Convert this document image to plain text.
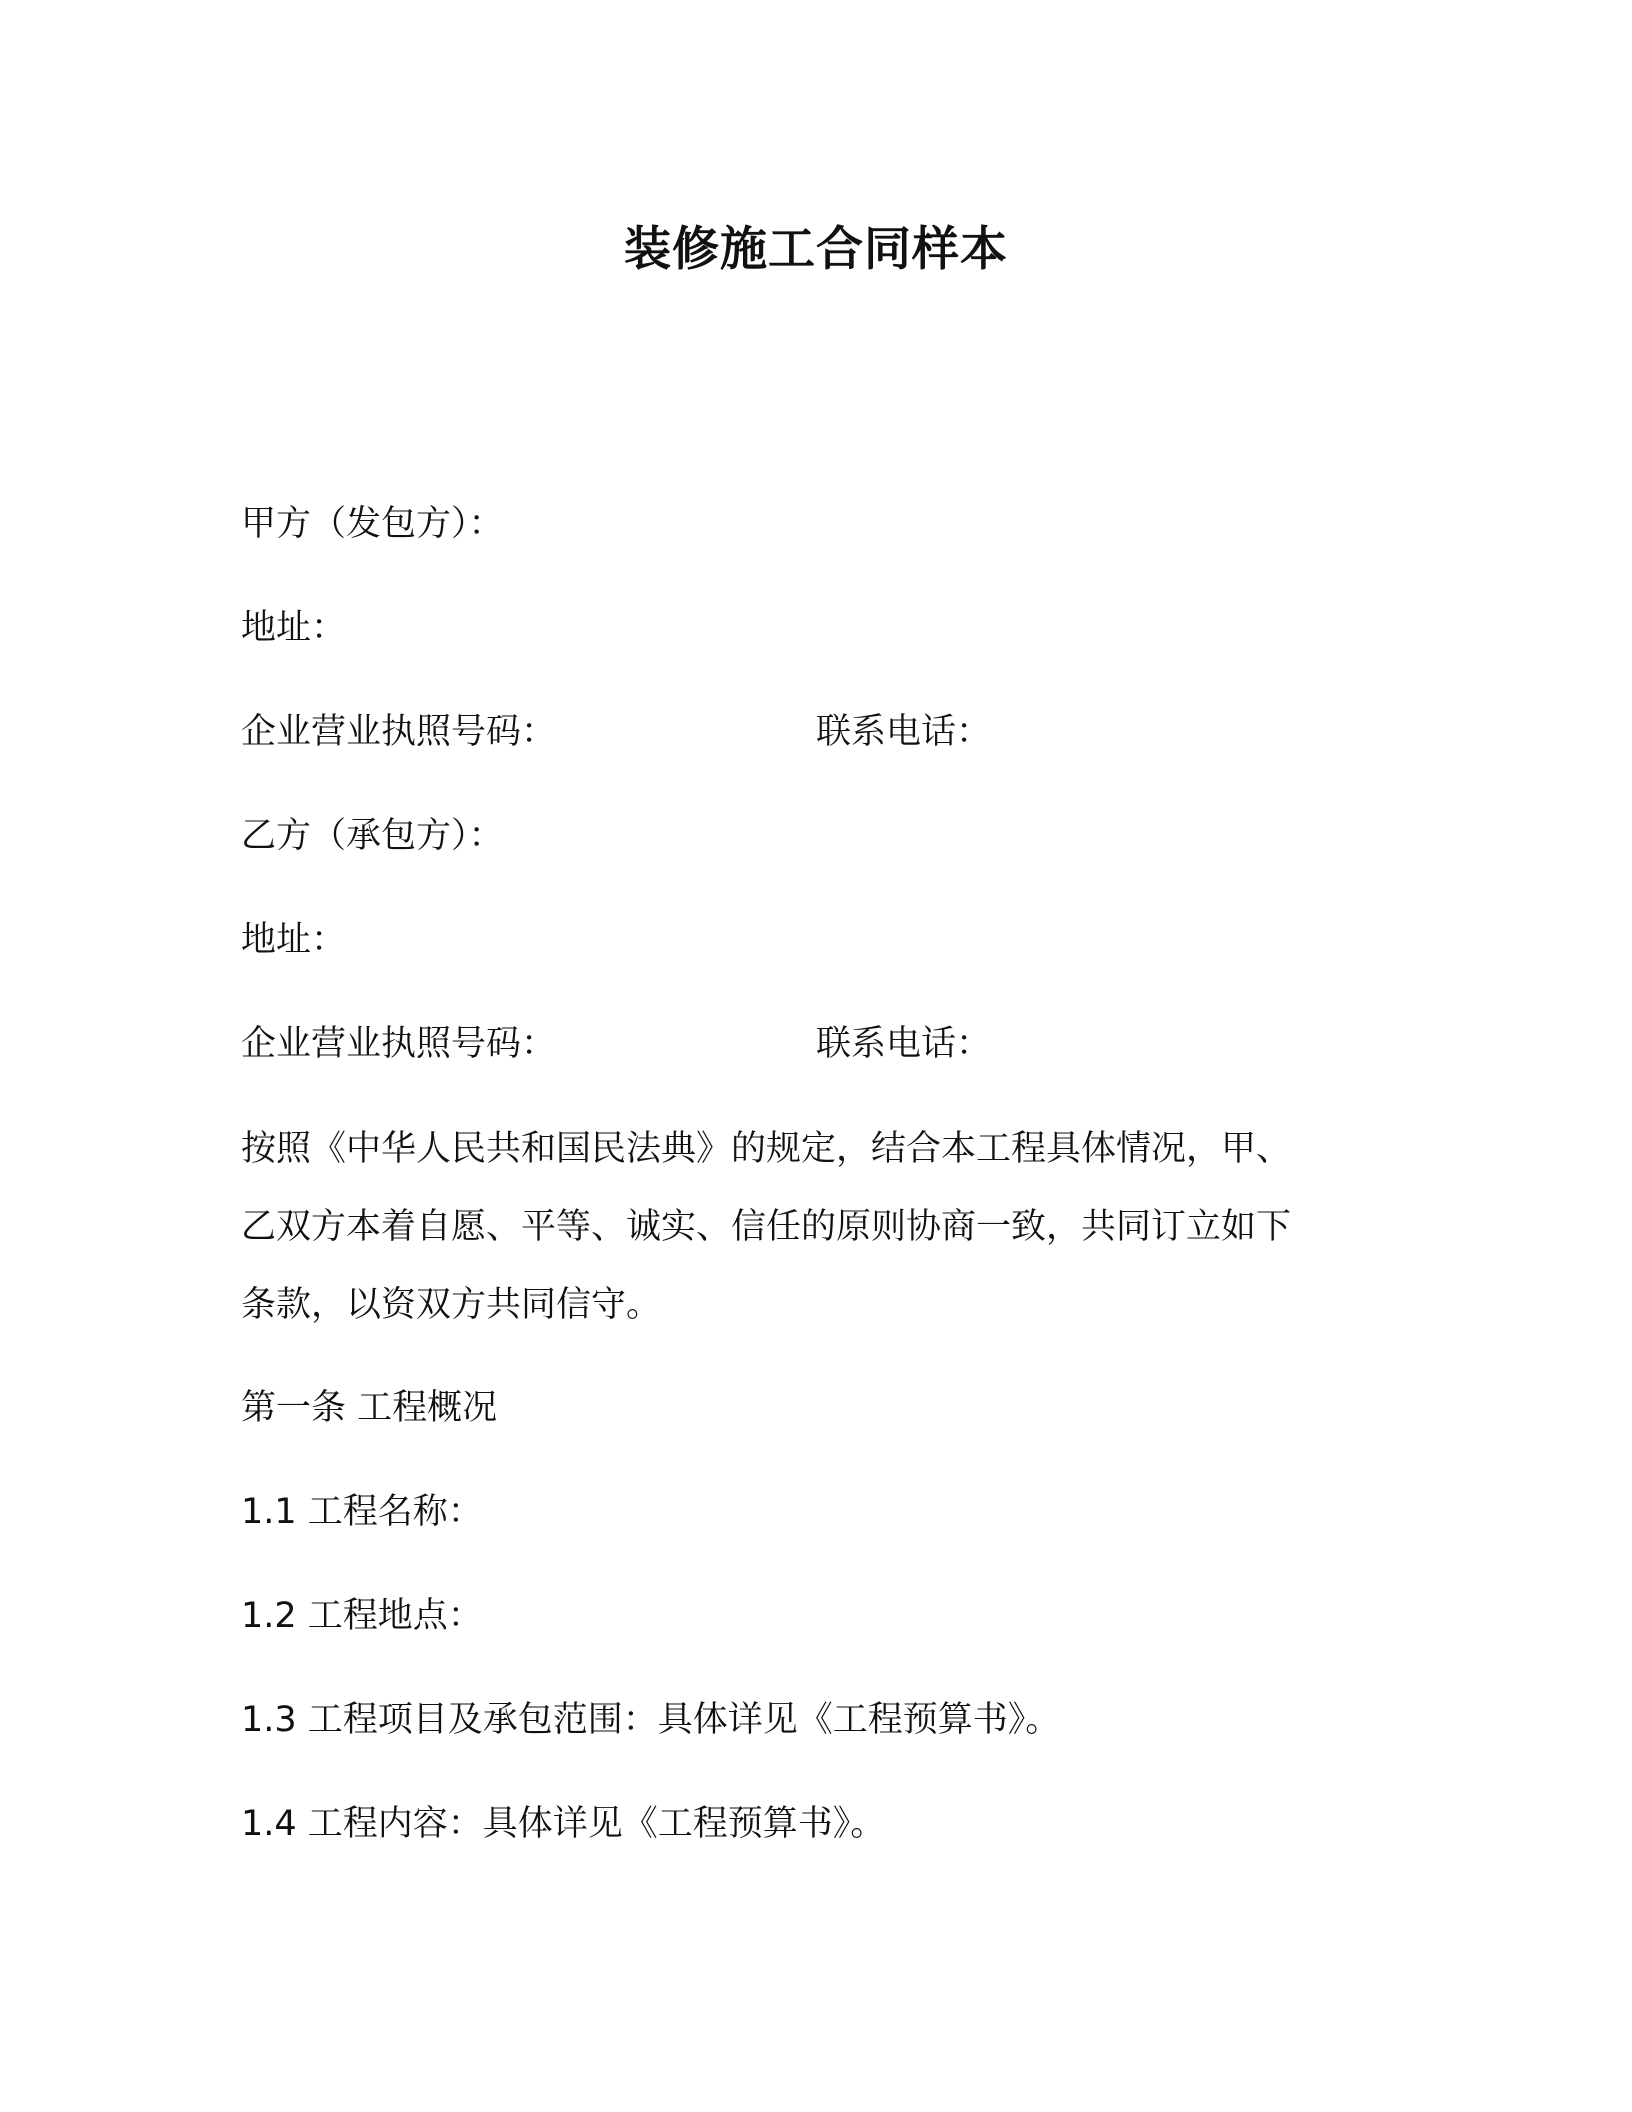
装修施工合同样本
甲方（发包方）：
地址：
企业营业执照号码：	联系电话：
乙方（承包方）：
地址：
企业营业执照号码：	联系电话：
按照《中华人民共和国民法典》的规定，结合本工程具体情况，甲、
乙双方本着自愿、平等、诚实、信任的原则协商一致，共同订立如下
条款，以资双方共同信守。
第一条 工程概况
1.1 工程名称：
1.2 工程地点：
1.3 工程项目及承包范围：具体详见《工程预算书》。
1.4 工程内容：具体详见《工程预算书》。
